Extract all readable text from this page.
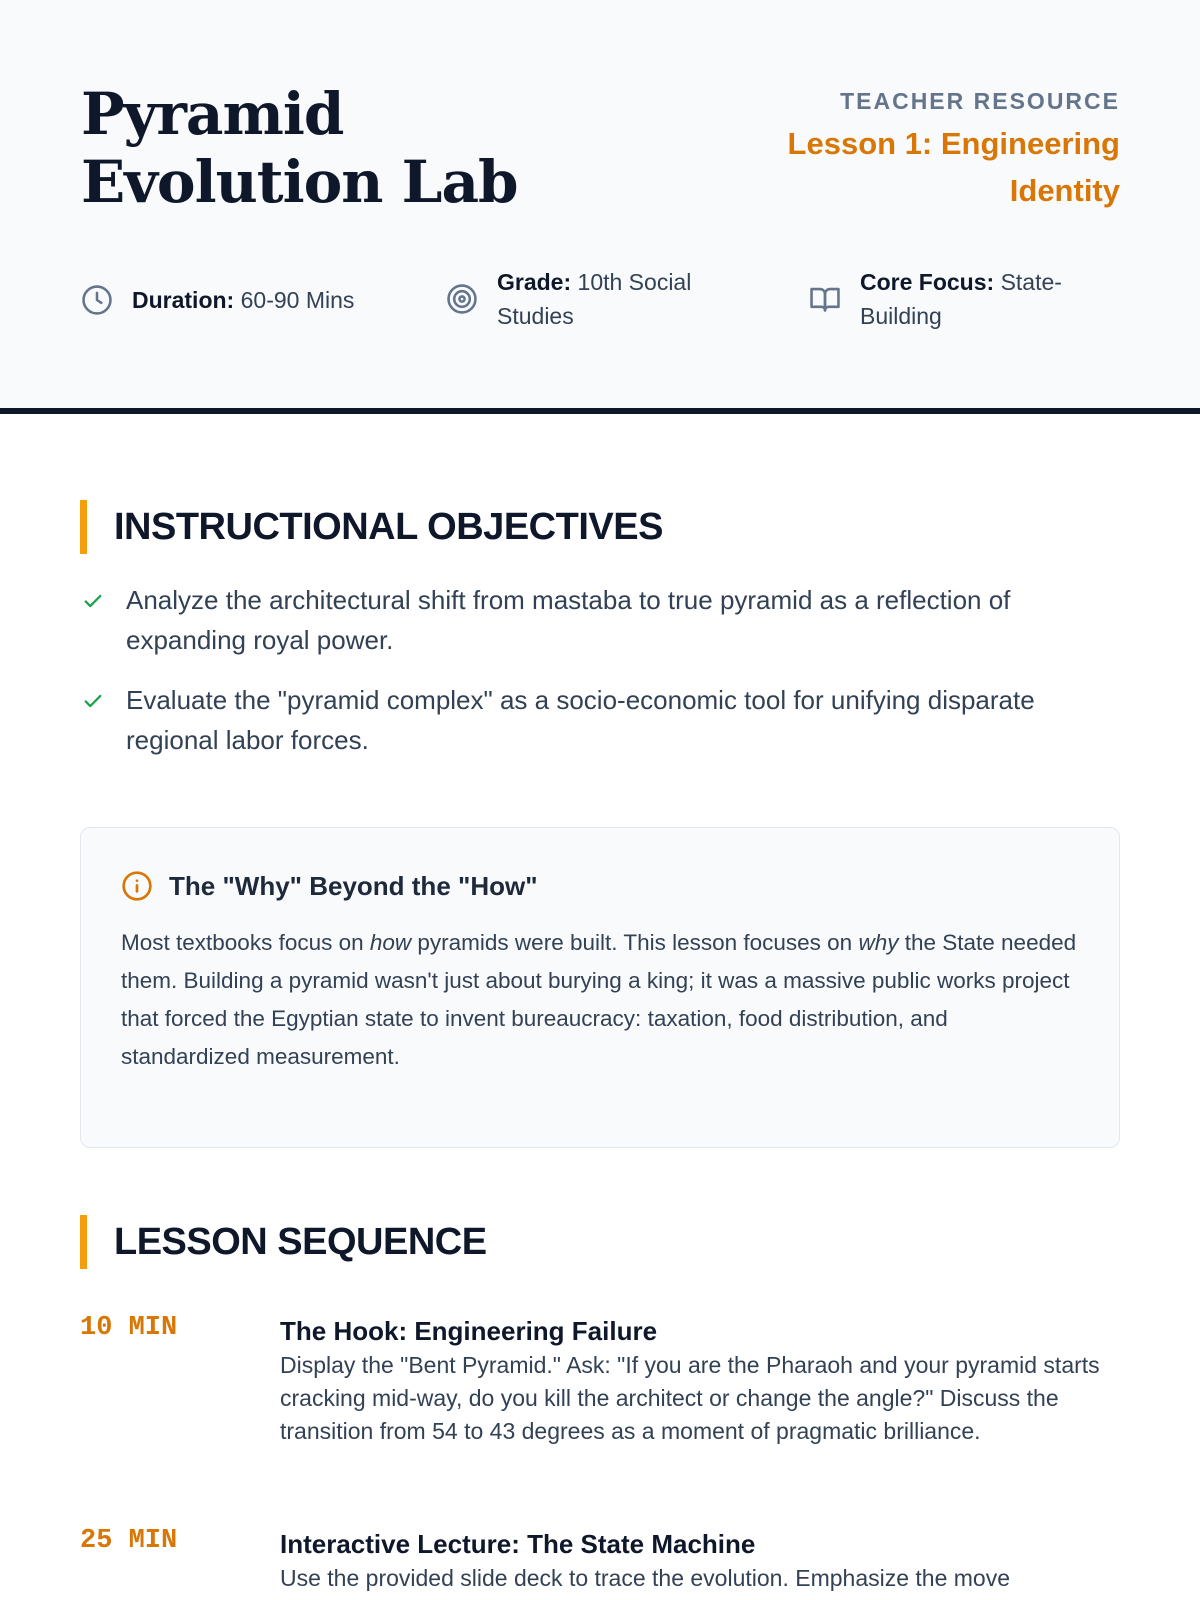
Pyramid Evolution Lab
TEACHER RESOURCE
Lesson 1: Engineering Identity
Duration: 60-90 Mins
Grade: 10th Social Studies
Core Focus: State-Building
INSTRUCTIONAL OBJECTIVES
Analyze the architectural shift from mastaba to true pyramid as a reflection of expanding royal power.
Evaluate the "pyramid complex" as a socio-economic tool for unifying disparate regional labor forces.
The "Why" Beyond the "How"

Most textbooks focus on how pyramids were built. This lesson focuses on why the State needed them. Building a pyramid wasn't just about burying a king; it was a massive public works project that forced the Egyptian state to invent bureaucracy: taxation, food distribution, and standardized measurement.

LESSON SEQUENCE
10 MIN	The Hook: Engineering Failure
Display the "Bent Pyramid." Ask: "If you are the Pharaoh and your pyramid starts cracking mid-way, do you kill the architect or change the angle?" Discuss the transition from 54 to 43 degrees as a moment of pragmatic brilliance.
25 MIN	Interactive Lecture: The State Machine
Use the provided slide deck to trace the evolution. Emphasize the move
